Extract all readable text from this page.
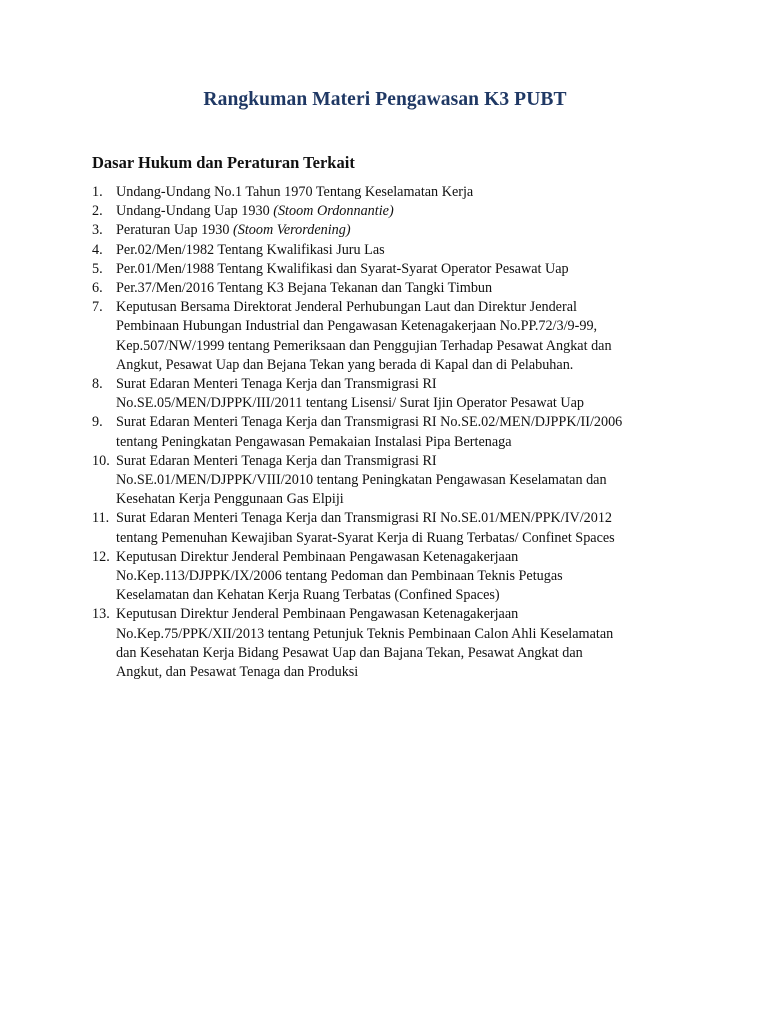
Rangkuman Materi Pengawasan K3 PUBT
Dasar Hukum dan Peraturan Terkait
1. Undang-Undang No.1 Tahun 1970 Tentang Keselamatan Kerja
2. Undang-Undang Uap 1930 (Stoom Ordonnantie)
3. Peraturan Uap 1930 (Stoom Verordening)
4. Per.02/Men/1982 Tentang Kwalifikasi Juru Las
5. Per.01/Men/1988 Tentang Kwalifikasi dan Syarat-Syarat Operator Pesawat Uap
6. Per.37/Men/2016 Tentang K3 Bejana Tekanan dan Tangki Timbun
7. Keputusan Bersama Direktorat Jenderal Perhubungan Laut dan Direktur Jenderal
Pembinaan Hubungan Industrial dan Pengawasan Ketenagakerjaan No.PP.72/3/9-99,
Kep.507/NW/1999 tentang Pemeriksaan dan Penggujian Terhadap Pesawat Angkat dan
Angkut, Pesawat Uap dan Bejana Tekan yang berada di Kapal dan di Pelabuhan.
8. Surat Edaran Menteri Tenaga Kerja dan Transmigrasi RI
No.SE.05/MEN/DJPPK/III/2011 tentang Lisensi/ Surat Ijin Operator Pesawat Uap
9. Surat Edaran Menteri Tenaga Kerja dan Transmigrasi RI No.SE.02/MEN/DJPPK/II/2006
tentang Peningkatan Pengawasan Pemakaian Instalasi Pipa Bertenaga
10. Surat Edaran Menteri Tenaga Kerja dan Transmigrasi RI
No.SE.01/MEN/DJPPK/VIII/2010 tentang Peningkatan Pengawasan Keselamatan dan
Kesehatan Kerja Penggunaan Gas Elpiji
11. Surat Edaran Menteri Tenaga Kerja dan Transmigrasi RI No.SE.01/MEN/PPK/IV/2012
tentang Pemenuhan Kewajiban Syarat-Syarat Kerja di Ruang Terbatas/ Confinet Spaces
12. Keputusan Direktur Jenderal Pembinaan Pengawasan Ketenagakerjaan
No.Kep.113/DJPPK/IX/2006 tentang Pedoman dan Pembinaan Teknis Petugas
Keselamatan dan Kehatan Kerja Ruang Terbatas (Confined Spaces)
13. Keputusan Direktur Jenderal Pembinaan Pengawasan Ketenagakerjaan
No.Kep.75/PPK/XII/2013 tentang Petunjuk Teknis Pembinaan Calon Ahli Keselamatan
dan Kesehatan Kerja Bidang Pesawat Uap dan Bajana Tekan, Pesawat Angkat dan
Angkut, dan Pesawat Tenaga dan Produksi
